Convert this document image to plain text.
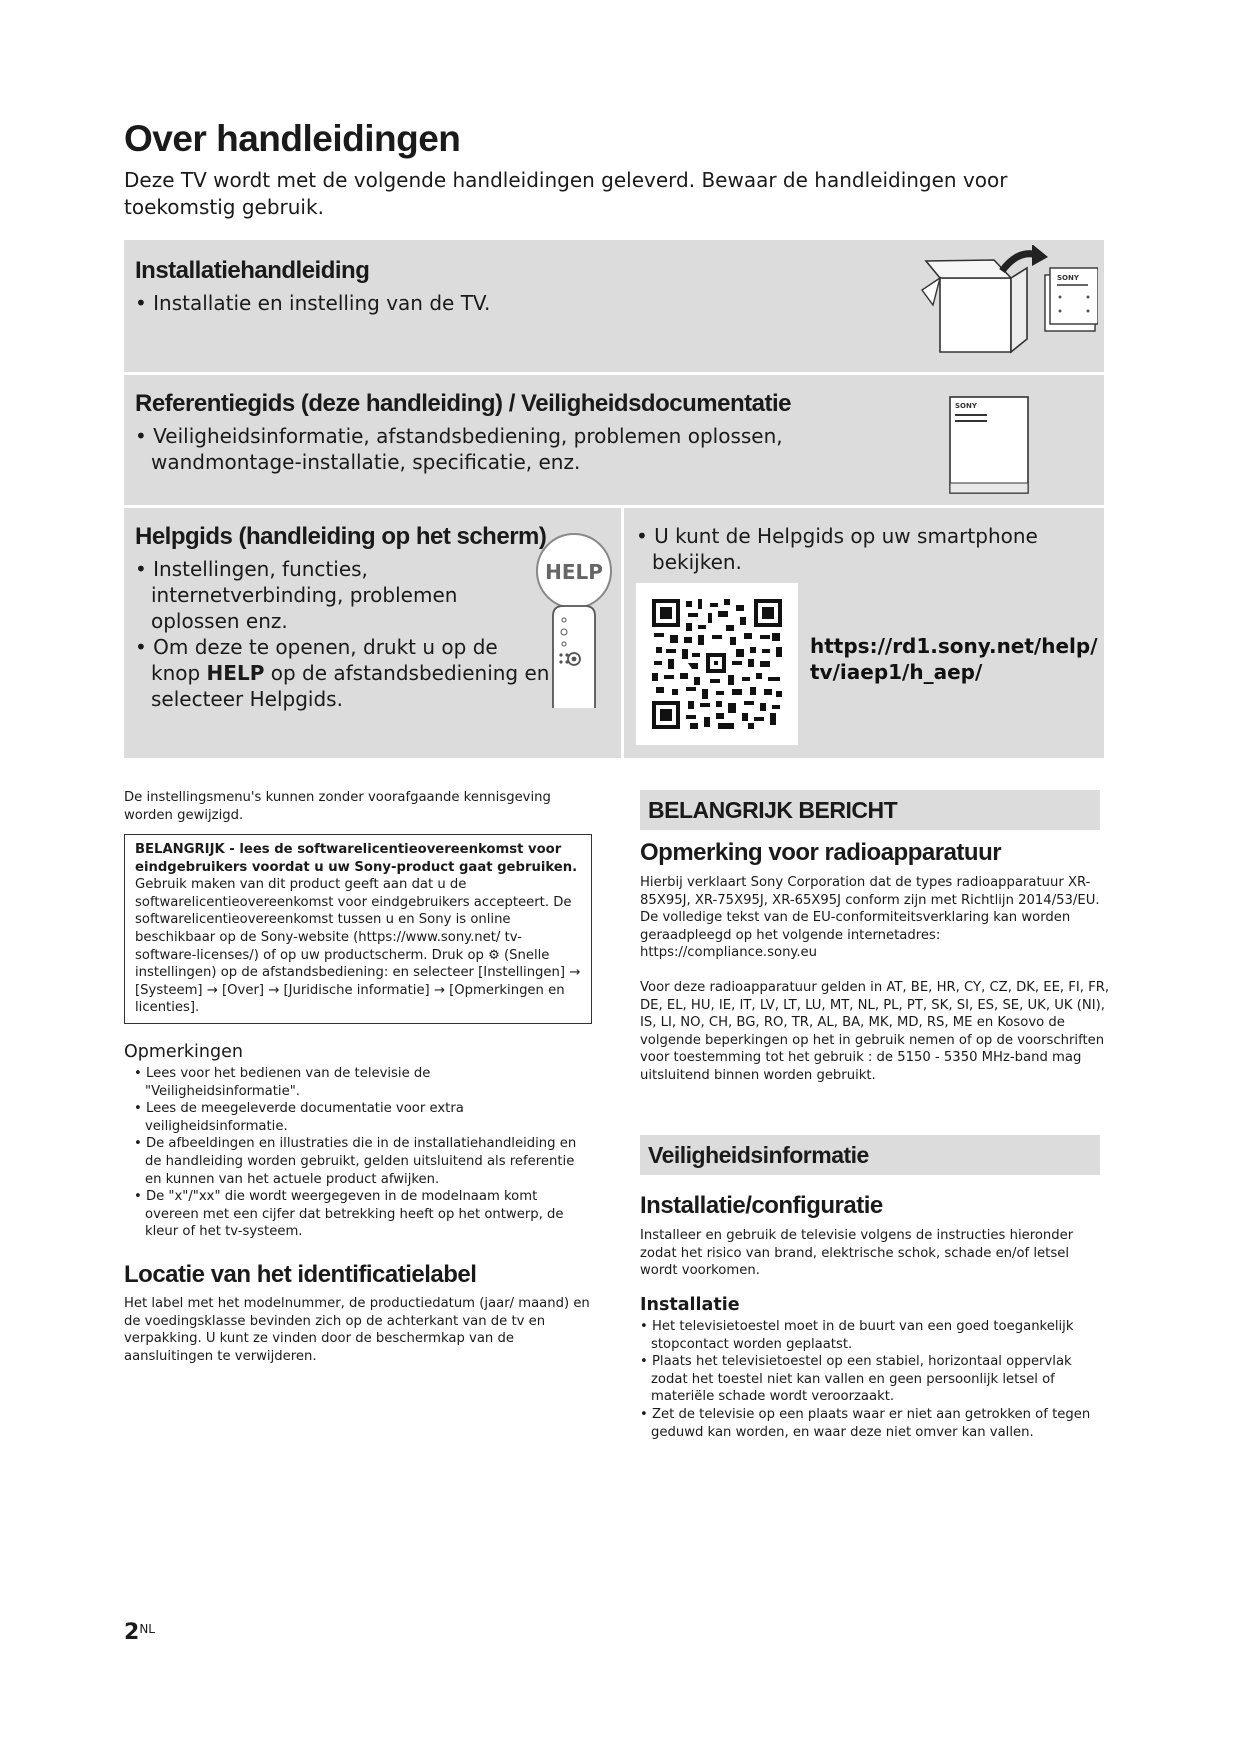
Over handleidingen
Deze TV wordt met de volgende handleidingen geleverd. Bewaar de handleidingen voor toekomstig gebruik.
Installatiehandleiding
• Installatie en instelling van de TV.
SONY
Referentiegids (deze handleiding) / Veiligheidsdocumentatie
• Veiligheidsinformatie, afstandsbediening, problemen oplossen, wandmontage-installatie, specificatie, enz.
SONY
Helpgids (handleiding op het scherm)
• Instellingen, functies, internetverbinding, problemen oplossen enz.
• Om deze te openen, drukt u op de knop HELP op de afstandsbediening en selecteer Helpgids.
HELP
• U kunt de Helpgids op uw smartphone bekijken.
https://rd1.sony.net/help/
tv/iaep1/h_aep/
De instellingsmenu's kunnen zonder voorafgaande kennisgeving worden gewijzigd.
BELANGRIJK - lees de softwarelicentieovereenkomst voor eindgebruikers voordat u uw Sony-product gaat gebruiken. Gebruik maken van dit product geeft aan dat u de softwarelicentieovereenkomst voor eindgebruikers accepteert. De softwarelicentieovereenkomst tussen u en Sony is online beschikbaar op de Sony-website (https://www.sony.net/ tv-software-licenses/) of op uw productscherm. Druk op ⚙ (Snelle instellingen) op de afstandsbediening: en selecteer [Instellingen] → [Systeem] → [Over] → [Juridische informatie] → [Opmerkingen en licenties].
Opmerkingen
• Lees voor het bedienen van de televisie de "Veiligheidsinformatie".
• Lees de meegeleverde documentatie voor extra veiligheidsinformatie.
• De afbeeldingen en illustraties die in de installatiehandleiding en de handleiding worden gebruikt, gelden uitsluitend als referentie en kunnen van het actuele product afwijken.
• De "x"/"xx" die wordt weergegeven in de modelnaam komt overeen met een cijfer dat betrekking heeft op het ontwerp, de kleur of het tv-systeem.
Locatie van het identificatielabel
Het label met het modelnummer, de productiedatum (jaar/ maand) en de voedingsklasse bevinden zich op de achterkant van de tv en verpakking. U kunt ze vinden door de beschermkap van de aansluitingen te verwijderen.
BELANGRIJK BERICHT
Opmerking voor radioapparatuur
Hierbij verklaart Sony Corporation dat de types radioapparatuur XR-85X95J, XR-75X95J, XR-65X95J conform zijn met Richtlijn 2014/53/EU. De volledige tekst van de EU-conformiteitsverklaring kan worden geraadpleegd op het volgende internetadres: https://compliance.sony.eu
Voor deze radioapparatuur gelden in AT, BE, HR, CY, CZ, DK, EE, FI, FR, DE, EL, HU, IE, IT, LV, LT, LU, MT, NL, PL, PT, SK, SI, ES, SE, UK, UK (NI), IS, LI, NO, CH, BG, RO, TR, AL, BA, MK, MD, RS, ME en Kosovo de volgende beperkingen op het in gebruik nemen of op de voorschriften voor toestemming tot het gebruik : de 5150 - 5350 MHz-band mag uitsluitend binnen worden gebruikt.
Veiligheidsinformatie
Installatie/configuratie
Installeer en gebruik de televisie volgens de instructies hieronder zodat het risico van brand, elektrische schok, schade en/of letsel wordt voorkomen.
Installatie
• Het televisietoestel moet in de buurt van een goed toegankelijk stopcontact worden geplaatst.
• Plaats het televisietoestel op een stabiel, horizontaal oppervlak zodat het toestel niet kan vallen en geen persoonlijk letsel of materiële schade wordt veroorzaakt.
• Zet de televisie op een plaats waar er niet aan getrokken of tegen geduwd kan worden, en waar deze niet omver kan vallen.
$2^{NL}$
